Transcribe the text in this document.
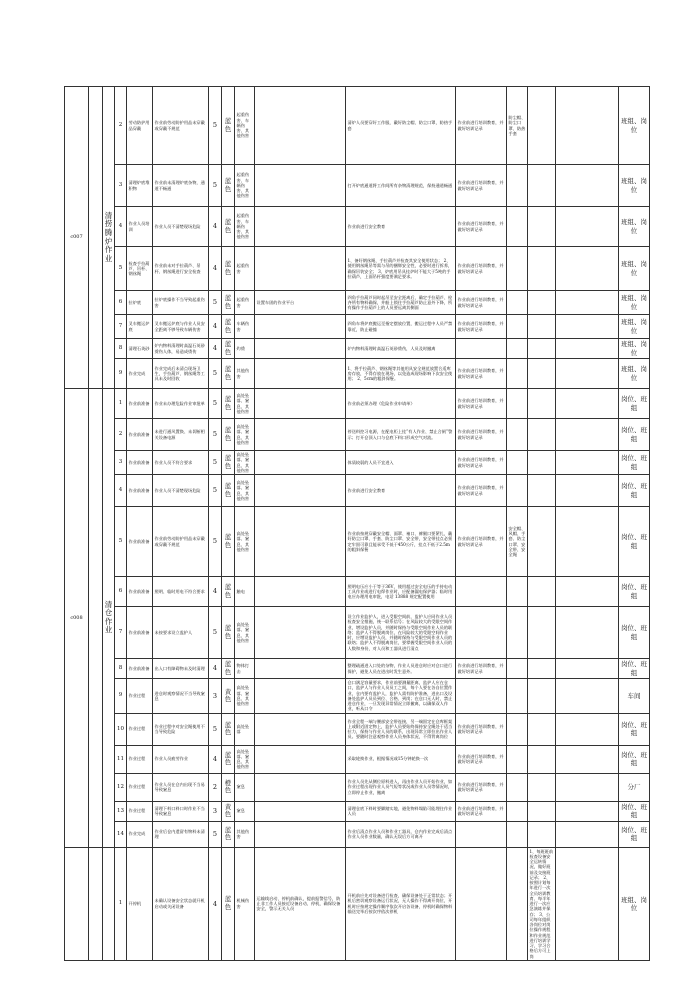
c007		清捞腾炉作业	2	劳动防护用品穿戴	作业前劳动防护用品未穿戴或穿戴不规范	5	蓝色	起重伤害、车辆伤害、其他伤害		清炉人员要穿好工作服，戴好防尘帽、防尘口罩，防热手套	作业前进行培训教育，并做好培训记录	防尘帽、防尘口罩、防热手套			班组、岗位
			3	清理炉底堆积物	作业前未清理炉底杂物，通道不畅通	5	蓝色	起重伤害、车辆伤害、其他伤害		打开炉底通道将工作间所有杂物清理规范，保持通道畅通	作业前进行培训教育，并做好培训记录				班组、岗位
			4	作业人员培训	作业人员不清楚现场危险	4	蓝色	起重伤害、车辆伤害、其他伤害		作业前进行安全教育	作业前进行培训教育，并做好培训记录				班组、岗位
			5	检查手拉葫芦、吊杆、钢丝绳	作业前未对手拉葫芦、吊杆、钢丝绳进行安全检查	4	蓝色	起重伤害		1、备好钢丝绳、手拉葫芦并检查其安全使用状态； 2、使用钢丝绳吊等需与吊的捆绑安全性，必要时进行拆养，确保吊装安全； 3、炉底用吊具挂炉时不能大于5吨的手拉葫芦，上面吊杆强度要满足要求。	作业前进行培训教育，并做好培训记录				班组、岗位
			6	拉炉底	拉炉底操作不当导致起重伤害	5	蓝色	起重伤害	设置车固的作业平台	四角手拉葫芦同时起吊至安全距离后，确定手拉葫芦、栓齐所有物料确保，并船上锁住手拉葫芦防止意外下降，所有操作手拉葫芦上的人员要远离其侧面	作业前进行培训教育，并做好培训记录				班组、岗位
			7	叉车搬运炉底	叉车搬运炉底与作业人员安全距离不够导致车辆伤害	4	蓝色	车辆伤害		四角车将炉底搬运至指定摆放位置，搬运过程中人员严禁靠近，防止碰撞	作业前进行培训教育，并做好培训记录				班组、岗位
			8	清理石英砂	炉内物料清理时高温石英砂烫伤人体，易造成烫伤	4	蓝色	灼烫		炉内物料清理时高温石英砂烫伤，人员及时撤离					班组、岗位
			9	作业完成	作业完成后未清点现场卫生，手拉葫芦、钢丝绳等工具未及时回收	5	蓝色	其他伤害		1、将手拉葫芦、钢丝绳等其他用具安全规范放置合适库房存放，不得存放在现场，以免造成现场影响下次安全使用； 2、5cm的粗斜保鬟。	作业前进行培训教育，并做好培训记录				班组、岗位
c008		清仓作业	1	作业前准备	作业未办理危险作业审批单	5	蓝色	高处坠落、窒息、其他伤害		作业前必须办理《危险作业申请单》	作业前进行培训教育，并做好培训记录				岗位、班组
			2	作业前准备	未进行通风置换、未切断相关设备电源	5	蓝色	高处坠落、窒息、其他伤害		停送料控习电源，在配电柜上挂“有人作业、禁止合闸”警示；打开仓顶入口与仓底下料口形成空气对流。	作业前进行培训教育，并做好培训记录				岗位、班组
			3	作业前准备	作业人员不符合要求	5	蓝色	高处坠落、窒息、其他伤害		体质较弱的人员不宜进入	作业前进行培训教育，并做好培训记录				岗位、班组
			4	作业前准备	作业人员不清楚现场危险	5	蓝色	高处坠落、窒息、其他伤害		作业前进行安全教育	作业前进行培训教育，并做好培训记录				岗位、班组
			5	作业前准备	作业前劳动防护用品未穿戴或穿戴不规范	5	蓝色	高处坠落、窒息、其他伤害		作业前按规穿戴安全帽、面罩、袖口、裤腿口要紧扎，戴好防尘口罩、手套、防尘口罩、安全带，安全带挂点必须定牢固可靠且能承受不低于450公斤，挂点不低于2.5m的粗斜保鬟	作业前进行培训教育，并做好培训记录	安全帽、风帽、手套、防尘口罩、安全带、安全绳			岗位、班组
			6	作业前准备	照明、临时用电不符合要求	4	蓝色	触电		照明电压应小于等于36V，使用超过安全电压的手持电动工具作业或进行电焊作业时，应配备漏电保护器；临时用电应办理用电审批，电话 13888 规定配置使用					岗位、班组
			7	作业前准备	未按要求设立监护人	5	蓝色	高处坠落、窒息、其他伤害		设立作业监护人，进入受限空间前，监护人应同作业人员检查安全措施，统一联系信号；在风险较大的受限空间作业，增设监护人员，并随时保持与受限空间作业人员的联络；监护人不得脱离岗位，在风险较大的受限空间作业时，应增设监护人员，并随时保持与受限空间作业人员的联络；监护人不得脱离岗位，要掌握受限空间作业人员的人数和身份，对人员和工器具进行清点					岗位、班组
			8	作业前准备	出入口有障碍物未及时清理	4	蓝色	物体打击		整理疏通进入口处的杂物，作业人员进仓时应对仓口进行保护，避免人员在进出时发生意外。	作业前进行培训教育，并做好培训记录				岗位、班组
			9	作业过程	进仓时观察情况不当导致窒息	3	黄色	高处坠落、窒息、其他伤害		仓口满足容量要求，作业前要测量距离，监护人应在仓口，监护人与作业人员员工之间，每个人要在各自位置作业，仓内要有监护人，监护人需有防护准备，进出口及设备处监护人员员到位、合格、到岗；在仓口无人时，禁止进仓作业，一旦发现异常情况立即撤离，以确保双人作业，听从口令					车间
			10	作业过程	作业过程中对安全绳使用不当导致危险	5	蓝色	高处坠落		作业全程一端与腰部安全带连接，另一端固定在仓库框架上或附近固定物上，监护人员要始终保持安全绳处于适当拉力，保持与作业人员的联系，出现异常立即拉出作业人员。要随时注意观察作业人员身体状况，不得背离岗位	作业前进行培训教育，并做好培训记录				岗位、班组
			11	作业过程	作业人员疲劳作业	4	蓝色	高处坠落、窒息、其他伤害		采取轮换作业，根据情况或15分钟轮换一次	作业前进行培训教育，并做好培训记录				岗位、班组
			12	作业过程	作业人员在仓内出现不当易导致窒息	2	橙色	窒息		作业人员先从侧位原料进入，再由作业人员开始作业，如作业过程出现作业人员气短等状况或作业人员等情况时，立即停止作业，撤离	作业前进行培训教育，并做好培训记录				分厂
			13	作业过程	清理下料口料口时作业不当导致窒息	3	黄色	窒息		清理仓底下料时要脚踏实地，避免物料塌陷可能埋住作业人员	作业前进行培训教育，并做好培训记录				岗位、班组
			14	作业完成	作业后仓内遗留有物料未清理	5	蓝色	其他伤害		作业后清点作业人员和作业工器具，仓内作业完成后清点作业人员作业数量，确认无误后方可离开					岗位、班组
			1	开停机	未确认设备安全状态就开机启动或关闭设备	4	蓝色	机械伤害	运输线启动、停机前确认，提前报警信号，防止非工作人员接近设备启动、停机，确保设备安全，警示无关人员	开机前应先对设备进行检查，确保设备处于正常状态；开机后密切观察设备运行状况，无人操作不得离开岗位，开机时应按规定操作顺序依次开启各设备，停机时确保物料输送完毕后按次序依次停机			1、每班班前检查设备安全运转情况，做好班前及交接班记录； 2、按照计划每年进行一次全员培训教育、每半年进行一次应急演练并保存； 3、公司每年组织各岗位对岗位操作规程和作业规范进行培训学习，学习合格后方可上岗		班组、岗位
